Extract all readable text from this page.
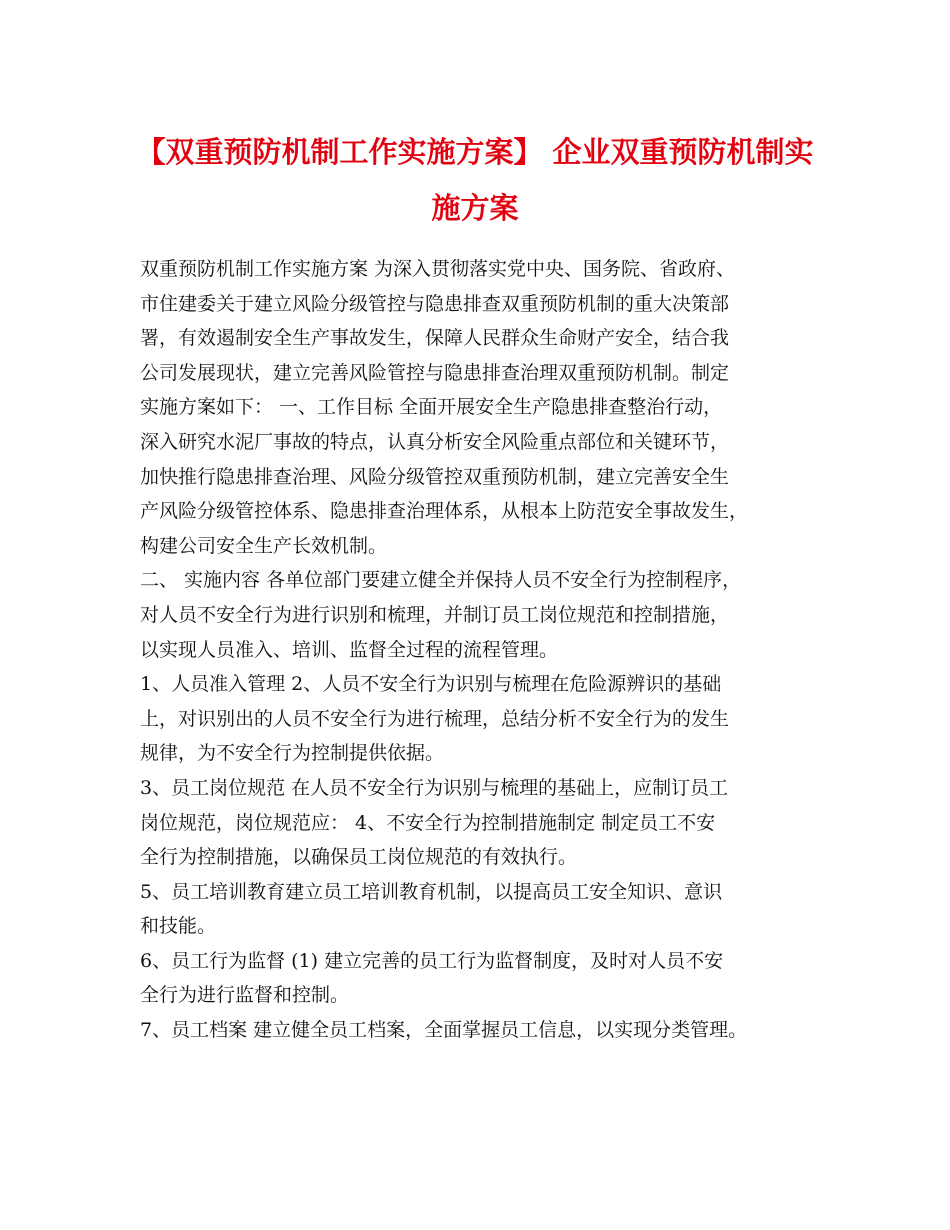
【双重预防机制工作实施方案】 企业双重预防机制实
施方案

双重预防机制工作实施方案 为深入贯彻落实党中央、国务院、省政府、

市住建委关于建立风险分级管控与隐患排查双重预防机制的重大决策部

署，有效遏制安全生产事故发生，保障人民群众生命财产安全，结合我

公司发展现状，建立完善风险管控与隐患排查治理双重预防机制。制定

实施方案如下： 一、工作目标 全面开展安全生产隐患排查整治行动，

深入研究水泥厂事故的特点，认真分析安全风险重点部位和关键环节，

加快推行隐患排查治理、风险分级管控双重预防机制，建立完善安全生

产风险分级管控体系、隐患排查治理体系，从根本上防范安全事故发生，

构建公司安全生产长效机制。

二、 实施内容 各单位部门要建立健全并保持人员不安全行为控制程序，

对人员不安全行为进行识别和梳理，并制订员工岗位规范和控制措施，

以实现人员准入、培训、监督全过程的流程管理。

1、人员准入管理 2、人员不安全行为识别与梳理在危险源辨识的基础

上，对识别出的人员不安全行为进行梳理，总结分析不安全行为的发生

规律，为不安全行为控制提供依据。

3、员工岗位规范 在人员不安全行为识别与梳理的基础上，应制订员工

岗位规范，岗位规范应： 4、不安全行为控制措施制定 制定员工不安

全行为控制措施，以确保员工岗位规范的有效执行。

5、员工培训教育建立员工培训教育机制，以提高员工安全知识、意识

和技能。

6、员工行为监督 (1) 建立完善的员工行为监督制度，及时对人员不安

全行为进行监督和控制。

7、员工档案 建立健全员工档案，全面掌握员工信息，以实现分类管理。
